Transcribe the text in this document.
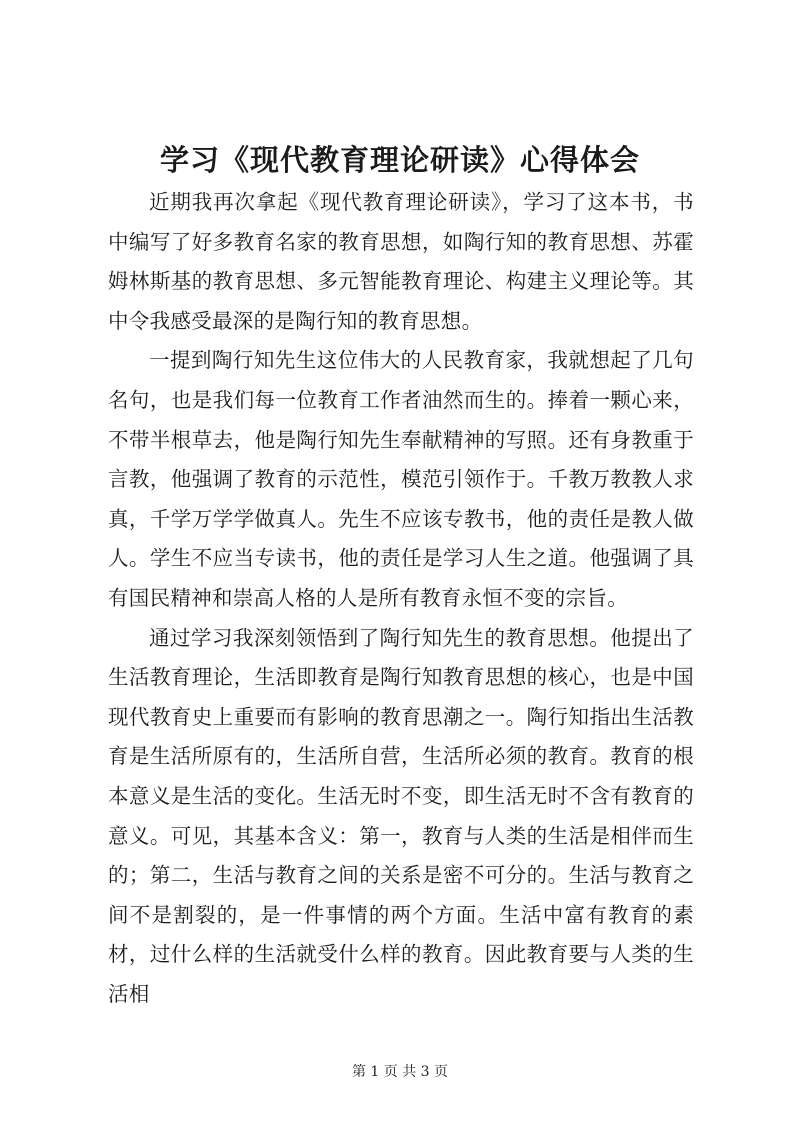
学习《现代教育理论研读》心得体会

近期我再次拿起《现代教育理论研读》，学习了这本书，书中编写了好多教育名家的教育思想，如陶行知的教育思想、苏霍姆林斯基的教育思想、多元智能教育理论、构建主义理论等。其中令我感受最深的是陶行知的教育思想。

一提到陶行知先生这位伟大的人民教育家，我就想起了几句名句，也是我们每一位教育工作者油然而生的。捧着一颗心来，不带半根草去，他是陶行知先生奉献精神的写照。还有身教重于言教，他强调了教育的示范性，模范引领作于。千教万教教人求真，千学万学学做真人。先生不应该专教书，他的责任是教人做人。学生不应当专读书，他的责任是学习人生之道。他强调了具有国民精神和崇高人格的人是所有教育永恒不变的宗旨。

通过学习我深刻领悟到了陶行知先生的教育思想。他提出了生活教育理论，生活即教育是陶行知教育思想的核心，也是中国现代教育史上重要而有影响的教育思潮之一。陶行知指出生活教育是生活所原有的，生活所自营，生活所必须的教育。教育的根本意义是生活的变化。生活无时不变，即生活无时不含有教育的意义。可见，其基本含义：第一，教育与人类的生活是相伴而生的；第二，生活与教育之间的关系是密不可分的。生活与教育之间不是割裂的，是一件事情的两个方面。生活中富有教育的素材，过什么样的生活就受什么样的教育。因此教育要与人类的生活相

第 1 页 共 3 页
